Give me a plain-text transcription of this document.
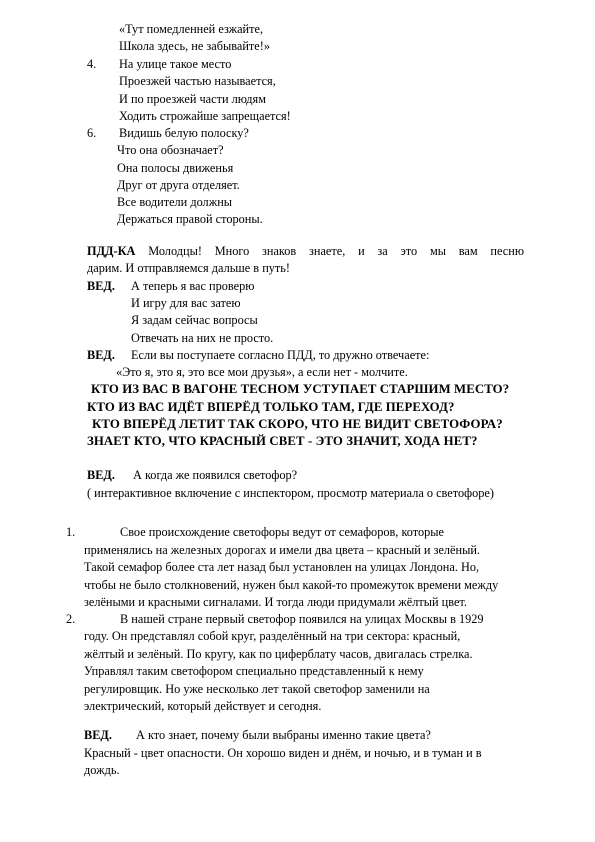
«Тут помедленней езжайте,
Школа здесь, не забывайте!»
4. На улице такое место
Проезжей частью называется,
И по проезжей части людям
Ходить строжайше запрещается!
6. Видишь белую полоску?
Что она обозначает?
Она полосы движенья
Друг от друга отделяет.
Все водители должны
Держаться правой стороны.
ПДД-КА Молодцы! Много знаков знаете, и за это мы вам песню
дарим. И отправляемся дальше в путь!
ВЕД. А теперь я вас проверю
И игру для вас затею
Я задам сейчас вопросы
Отвечать на них не просто.
ВЕД. Если вы поступаете согласно ПДД, то дружно отвечаете:
«Это я, это я, это все мои друзья», а если нет - молчите.
КТО ИЗ ВАС В ВАГОНЕ ТЕСНОМ УСТУПАЕТ СТАРШИМ МЕСТО?
КТО ИЗ ВАС ИДЁТ ВПЕРЁД ТОЛЬКО ТАМ, ГДЕ ПЕРЕХОД?
КТО ВПЕРЁД ЛЕТИТ ТАК СКОРО, ЧТО НЕ ВИДИТ СВЕТОФОРА?
ЗНАЕТ КТО, ЧТО КРАСНЫЙ СВЕТ - ЭТО ЗНАЧИТ, ХОДА НЕТ?
ВЕД. А когда же появился светофор?
( интерактивное включение с инспектором, просмотр материала о светофоре)
1.	Свое происхождение светофоры ведут от семафоров, которые
применялись на железных дорогах и имели два цвета – красный и зелёный.
Такой семафор более ста лет назад был установлен на улицах Лондона. Но,
чтобы не было столкновений, нужен был какой-то промежуток времени между
зелёными и красными сигналами. И тогда люди придумали жёлтый цвет.
2.	В нашей стране первый светофор появился на улицах Москвы в 1929
году. Он представлял собой круг, разделённый на три сектора: красный,
жёлтый и зелёный. По кругу, как по циферблату часов, двигалась стрелка.
Управлял таким светофором специально представленный к нему
регулировщик. Но уже несколько лет такой светофор заменили на
электрический, который действует и сегодня.
ВЕД. А кто знает, почему были выбраны именно такие цвета?
Красный - цвет опасности. Он хорошо виден и днём, и ночью, и в туман и в
дождь.
